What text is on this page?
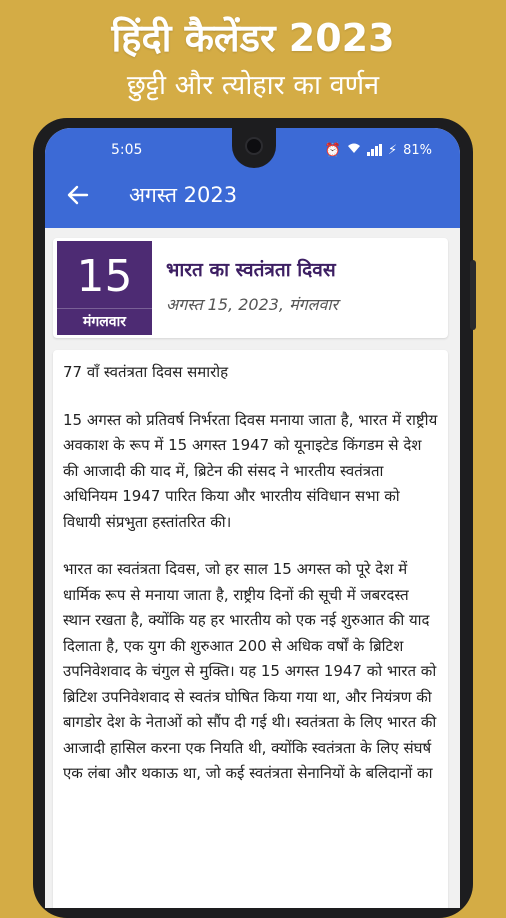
हिंदी कैलेंडर 2023
छुट्टी और त्योहार का वर्णन
5:05	⏰	⚡ 81%
अगस्त 2023
15
मंगलवार
भारत का स्वतंत्रता दिवस
अगस्त 15, 2023, मंगलवार

77 वाँ स्वतंत्रता दिवस समारोह

15 अगस्त को प्रतिवर्ष निर्भरता दिवस मनाया जाता है, भारत में राष्ट्रीय अवकाश के रूप में 15 अगस्त 1947 को यूनाइटेड किंगडम से देश की आजादी की याद में, ब्रिटेन की संसद ने भारतीय स्वतंत्रता अधिनियम 1947 पारित किया और भारतीय संविधान सभा को विधायी संप्रभुता हस्तांतरित की।

भारत का स्वतंत्रता दिवस, जो हर साल 15 अगस्त को पूरे देश में धार्मिक रूप से मनाया जाता है, राष्ट्रीय दिनों की सूची में जबरदस्त स्थान रखता है, क्योंकि यह हर भारतीय को एक नई शुरुआत की याद दिलाता है, एक युग की शुरुआत 200 से अधिक वर्षों के ब्रिटिश उपनिवेशवाद के चंगुल से मुक्ति। यह 15 अगस्त 1947 को भारत को ब्रिटिश उपनिवेशवाद से स्वतंत्र घोषित किया गया था, और नियंत्रण की बागडोर देश के नेताओं को सौंप दी गई थी। स्वतंत्रता के लिए भारत की आजादी हासिल करना एक नियति थी, क्योंकि स्वतंत्रता के लिए संघर्ष एक लंबा और थकाऊ था, जो कई स्वतंत्रता सेनानियों के बलिदानों का
